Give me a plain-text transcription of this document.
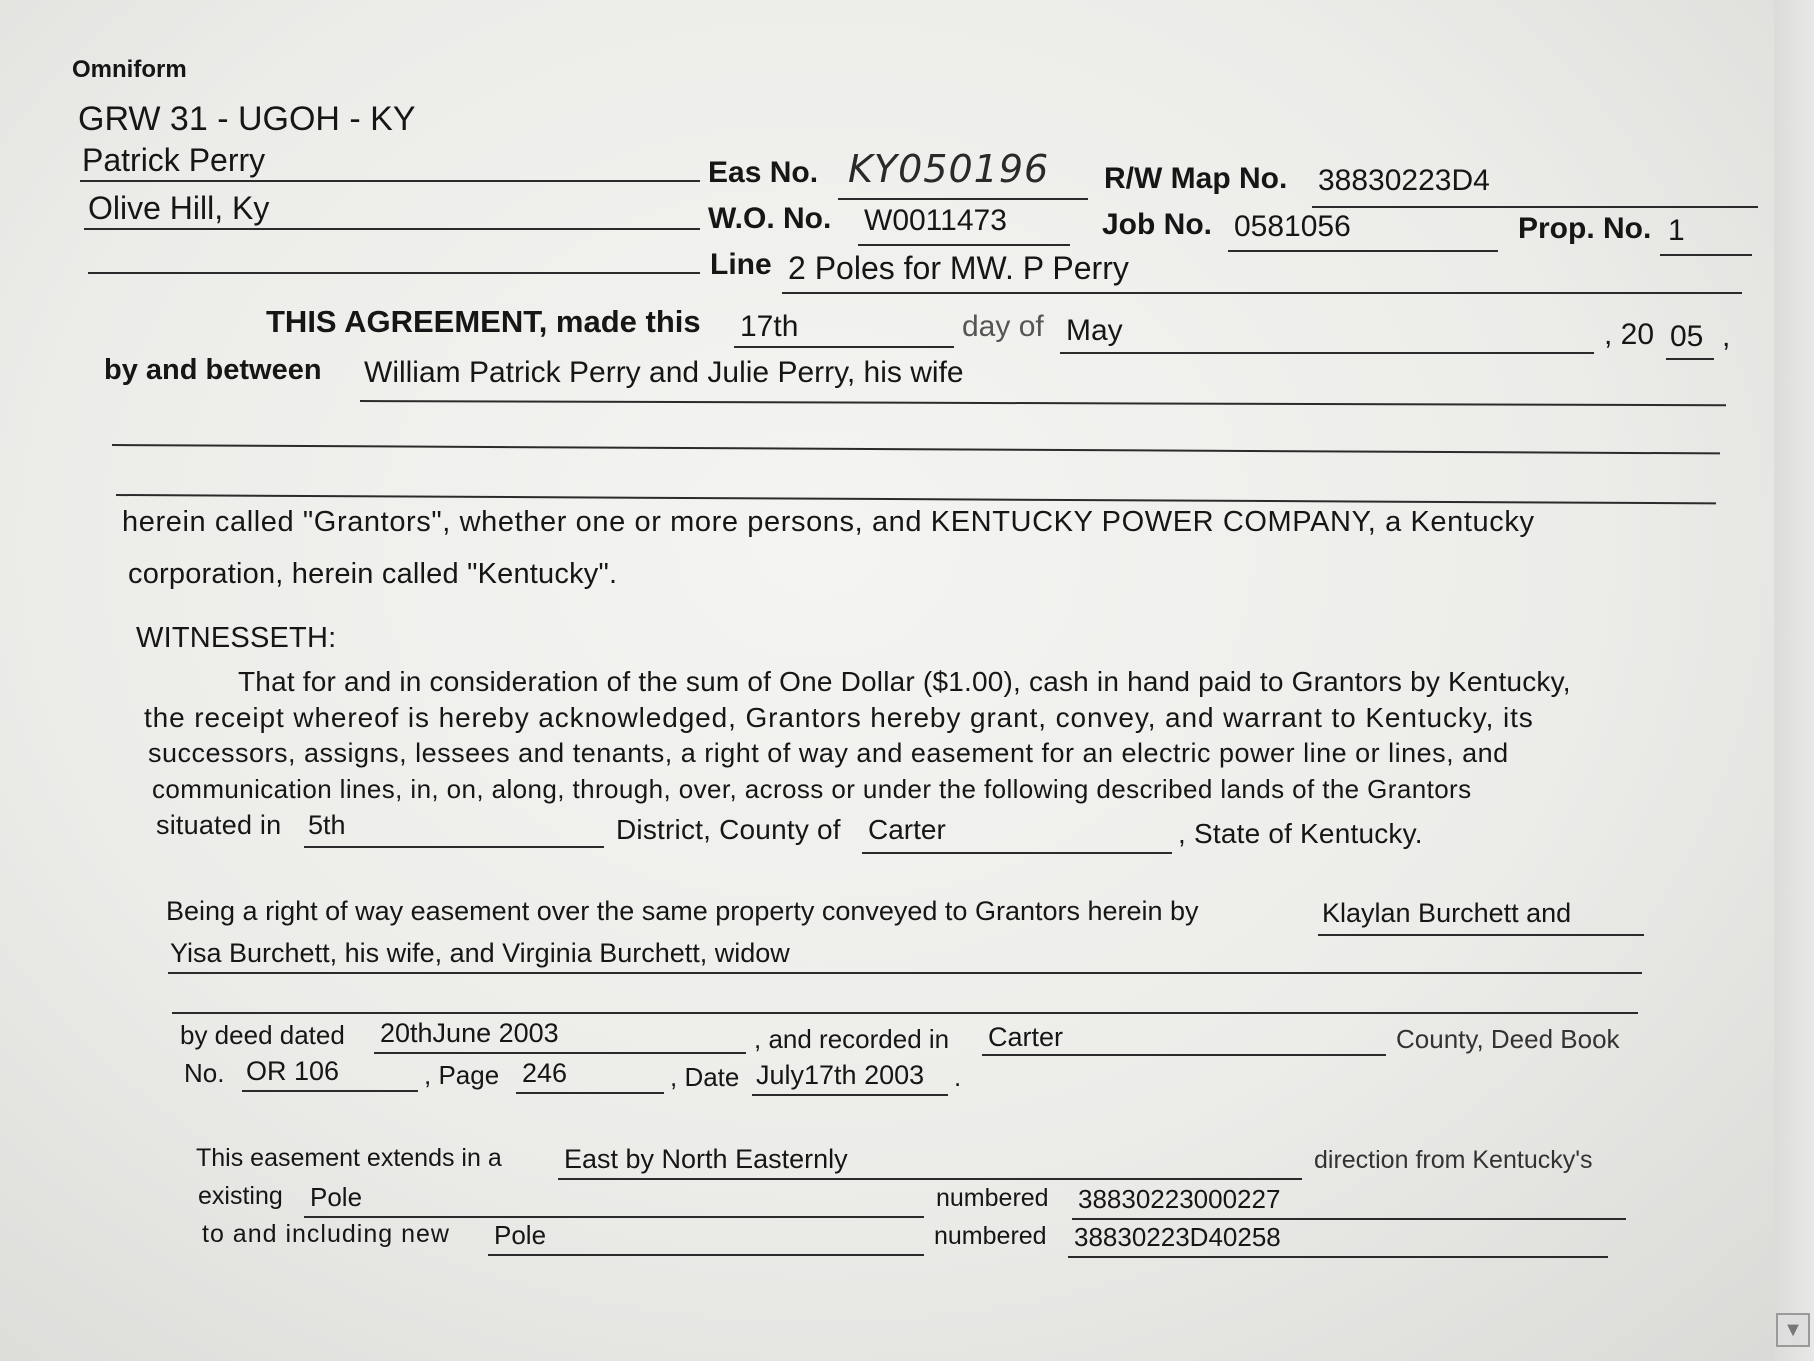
Omniform
GRW 31 - UGOH - KY
Patrick Perry
Olive Hill, Ky
Eas No. KY050196 R/W Map No. 38830223D4
W.O. No. W0011473	Job No. 0581056	Prop. No. 1
Line 2 Poles for MW. P Perry
THIS AGREEMENT, made this 17th	day of May	, 20 05 ,
by and between William Patrick Perry and Julie Perry, his wife
herein called "Grantors", whether one or more persons, and KENTUCKY POWER COMPANY, a Kentucky
corporation, herein called "Kentucky".
WITNESSETH:
That for and in consideration of the sum of One Dollar ($1.00), cash in hand paid to Grantors by Kentucky,
the receipt whereof is hereby acknowledged, Grantors hereby grant, convey, and warrant to Kentucky, its
successors, assigns, lessees and tenants, a right of way and easement for an electric power line or lines, and
communication lines, in, on, along, through, over, across or under the following described lands of the Grantors
situated in 5th	District, County of Carter	, State of Kentucky.
Being a right of way easement over the same property conveyed to Grantors herein by	Klaylan Burchett and
Yisa Burchett, his wife, and Virginia Burchett, widow
by deed dated 20thJune 2003	, and recorded in Carter	County, Deed Book
No. OR 106	, Page 246	, Date July17th 2003 .
This easement extends in a East by North Easternly	direction from Kentucky's
existing Pole	numbered 38830223000227
to and including new Pole	numbered 38830223D40258
▼
